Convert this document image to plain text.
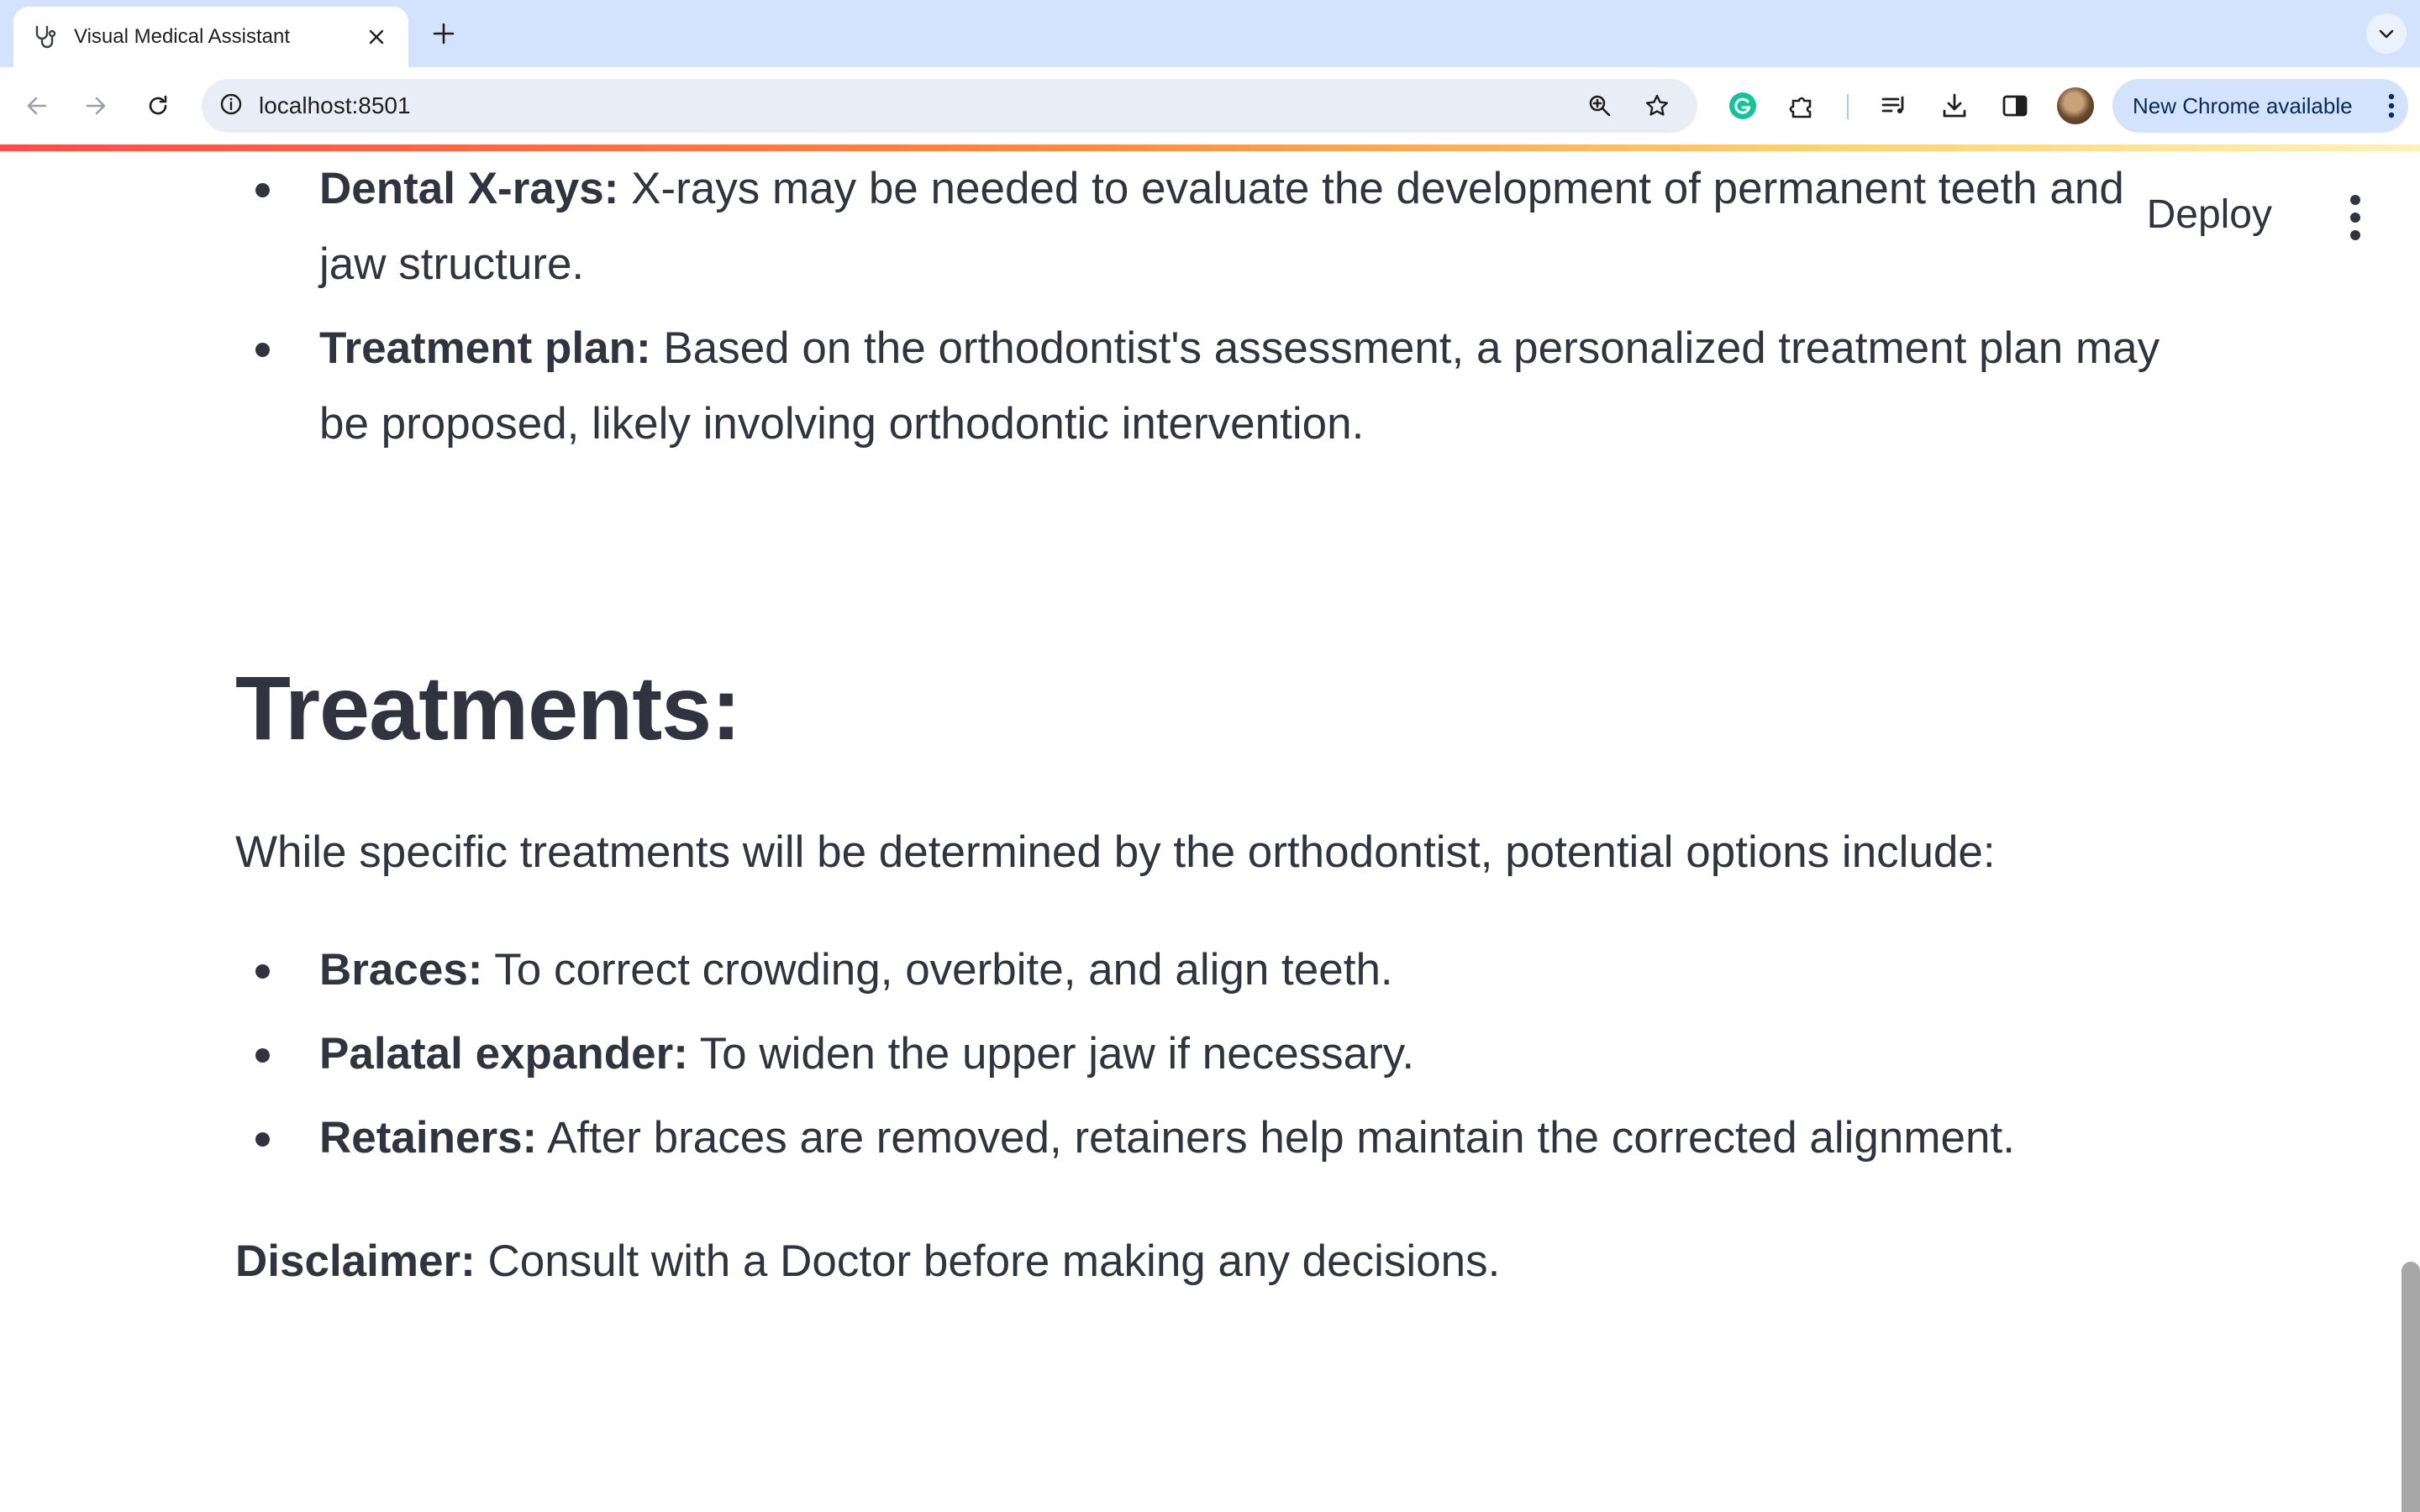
Visual Medical Assistant
localhost:8501	New Chrome available
Dental X-rays: X-rays may be needed to evaluate the development of permanent teeth and jaw structure.
Treatment plan: Based on the orthodontist's assessment, a personalized treatment plan may be proposed, likely involving orthodontic intervention.
Treatments:
While specific treatments will be determined by the orthodontist, potential options include:
Braces: To correct crowding, overbite, and align teeth.
Palatal expander: To widen the upper jaw if necessary.
Retainers: After braces are removed, retainers help maintain the corrected alignment.
Disclaimer: Consult with a Doctor before making any decisions.
Deploy
